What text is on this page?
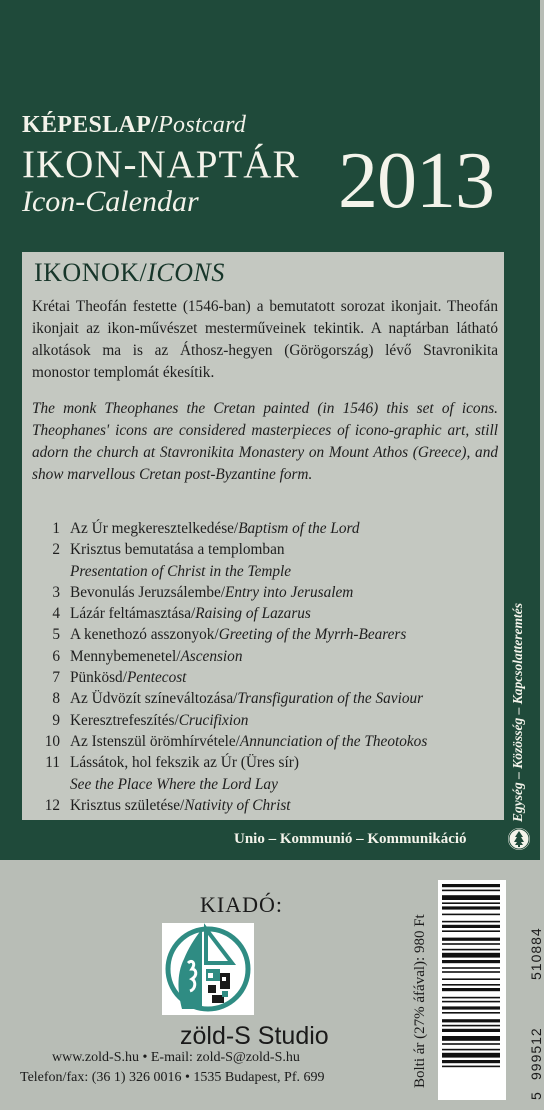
KÉPESLAP/Postcard
IKON-NAPTÁR
Icon-Calendar 2013
IKONOK/ICONS
Krétai Theofán festette (1546-ban) a bemutatott sorozat ikonjait. Theofán ikonjait az ikon-művészet mesterműveinek tekintik. A naptárban látható alkotások ma is az Áthosz-hegyen (Görögország) lévő Stavronikita monostor templomát ékesítik.
The monk Theophanes the Cretan painted (in 1546) this set of icons. Theophanes' icons are considered masterpieces of icono-graphic art, still adorn the church at Stavronikita Monastery on Mount Athos (Greece), and show marvellous Cretan post-Byzantine form.
1 Az Úr megkeresztelkedése/Baptism of the Lord
2 Krisztus bemutatása a templomban
Presentation of Christ in the Temple
3 Bevonulás Jeruzsálembe/Entry into Jerusalem
4 Lázár feltámasztása/Raising of Lazarus
5 A kenethozó asszonyok/Greeting of the Myrrh-Bearers
6 Mennybemenetel/Ascension
7 Pünkösd/Pentecost
8 Az Üdvözít színeváltozása/Transfiguration of the Saviour
9 Keresztrefeszítés/Crucifixion
10 Az Istenszül örömhírvétele/Annunciation of the Theotokos
11 Lássátok, hol fekszik az Úr (Üres sír)
See the Place Where the Lord Lay
12 Krisztus születése/Nativity of Christ	Egység – Közösség – Kapcsolatteremtés
Unio – Kommunió – Kommunikáció
KIADÓ:
zöld-S Studio
www.zold-S.hu • E-mail: zold-S@zold-S.hu
Telefon/fax: (36 1) 326 0016 • 1535 Budapest, Pf. 699	Bolti ár (27% áfával): 980 Ft
5
999512
510884
